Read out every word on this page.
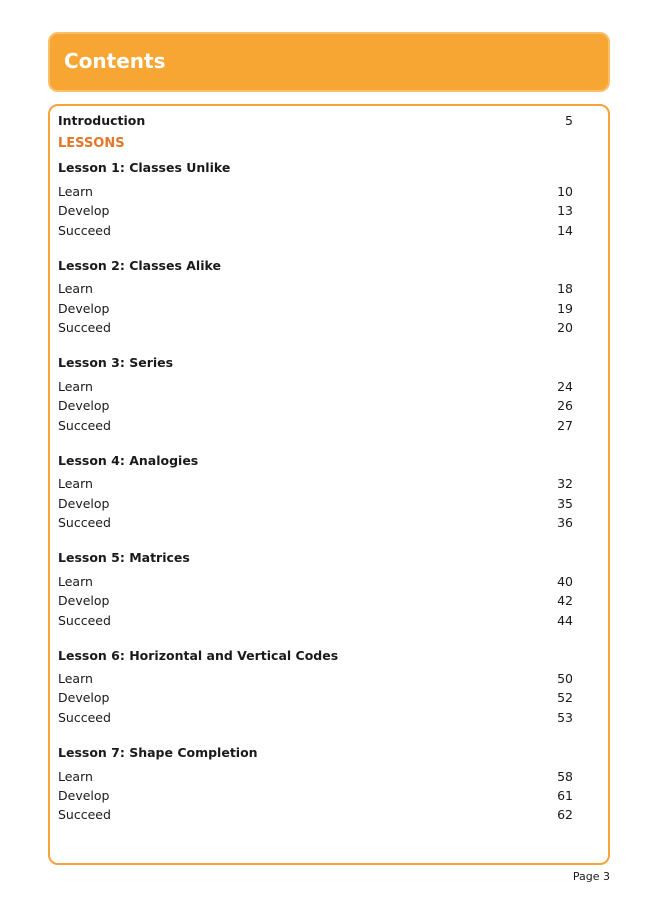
Contents
Introduction	5
LESSONS
Lesson 1: Classes Unlike
Learn	10
Develop	13
Succeed	14
Lesson 2: Classes Alike
Learn	18
Develop	19
Succeed	20
Lesson 3: Series
Learn	24
Develop	26
Succeed	27
Lesson 4: Analogies
Learn	32
Develop	35
Succeed	36
Lesson 5: Matrices
Learn	40
Develop	42
Succeed	44
Lesson 6: Horizontal and Vertical Codes
Learn	50
Develop	52
Succeed	53
Lesson 7: Shape Completion
Learn	58
Develop	61
Succeed	62
Page 3
